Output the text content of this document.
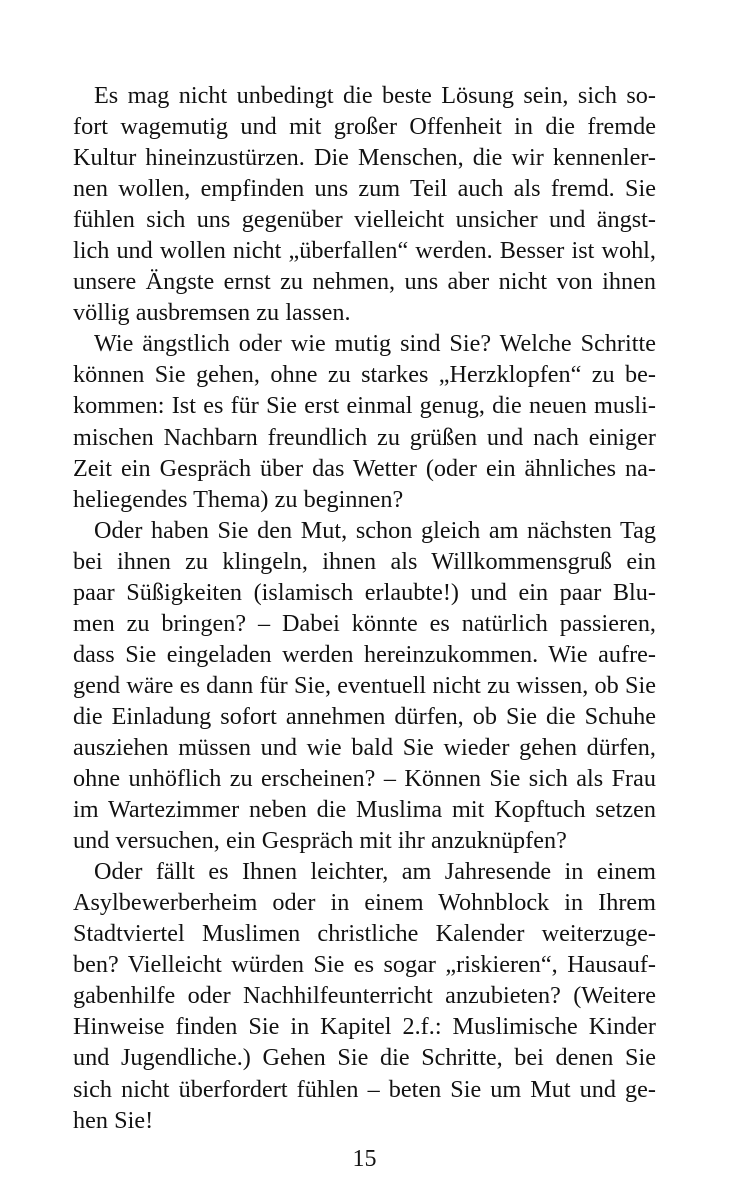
Es mag nicht unbedingt die beste Lösung sein, sich so-
fort wagemutig und mit großer Offenheit in die fremde
Kultur hineinzustürzen. Die Menschen, die wir kennenler-
nen wollen, empfinden uns zum Teil auch als fremd. Sie
fühlen sich uns gegenüber vielleicht unsicher und ängst-
lich und wollen nicht „überfallen“ werden. Besser ist wohl,
unsere Ängste ernst zu nehmen, uns aber nicht von ihnen
völlig ausbremsen zu lassen.

Wie ängstlich oder wie mutig sind Sie? Welche Schritte
können Sie gehen, ohne zu starkes „Herzklopfen“ zu be-
kommen: Ist es für Sie erst einmal genug, die neuen musli-
mischen Nachbarn freundlich zu grüßen und nach einiger
Zeit ein Gespräch über das Wetter (oder ein ähnliches na-
heliegendes Thema) zu beginnen?

Oder haben Sie den Mut, schon gleich am nächsten Tag
bei ihnen zu klingeln, ihnen als Willkommensgruß ein
paar Süßigkeiten (islamisch erlaubte!) und ein paar Blu-
men zu bringen? – Dabei könnte es natürlich passieren,
dass Sie eingeladen werden hereinzukommen. Wie aufre-
gend wäre es dann für Sie, eventuell nicht zu wissen, ob Sie
die Einladung sofort annehmen dürfen, ob Sie die Schuhe
ausziehen müssen und wie bald Sie wieder gehen dürfen,
ohne unhöflich zu erscheinen? – Können Sie sich als Frau
im Wartezimmer neben die Muslima mit Kopftuch setzen
und versuchen, ein Gespräch mit ihr anzuknüpfen?

Oder fällt es Ihnen leichter, am Jahresende in einem
Asylbewerberheim oder in einem Wohnblock in Ihrem
Stadtviertel Muslimen christliche Kalender weiterzuge-
ben? Vielleicht würden Sie es sogar „riskieren“, Hausauf-
gabenhilfe oder Nachhilfeunterricht anzubieten? (Weitere
Hinweise finden Sie in Kapitel 2.f.: Muslimische Kinder
und Jugendliche.) Gehen Sie die Schritte, bei denen Sie
sich nicht überfordert fühlen – beten Sie um Mut und ge-
hen Sie!

15
